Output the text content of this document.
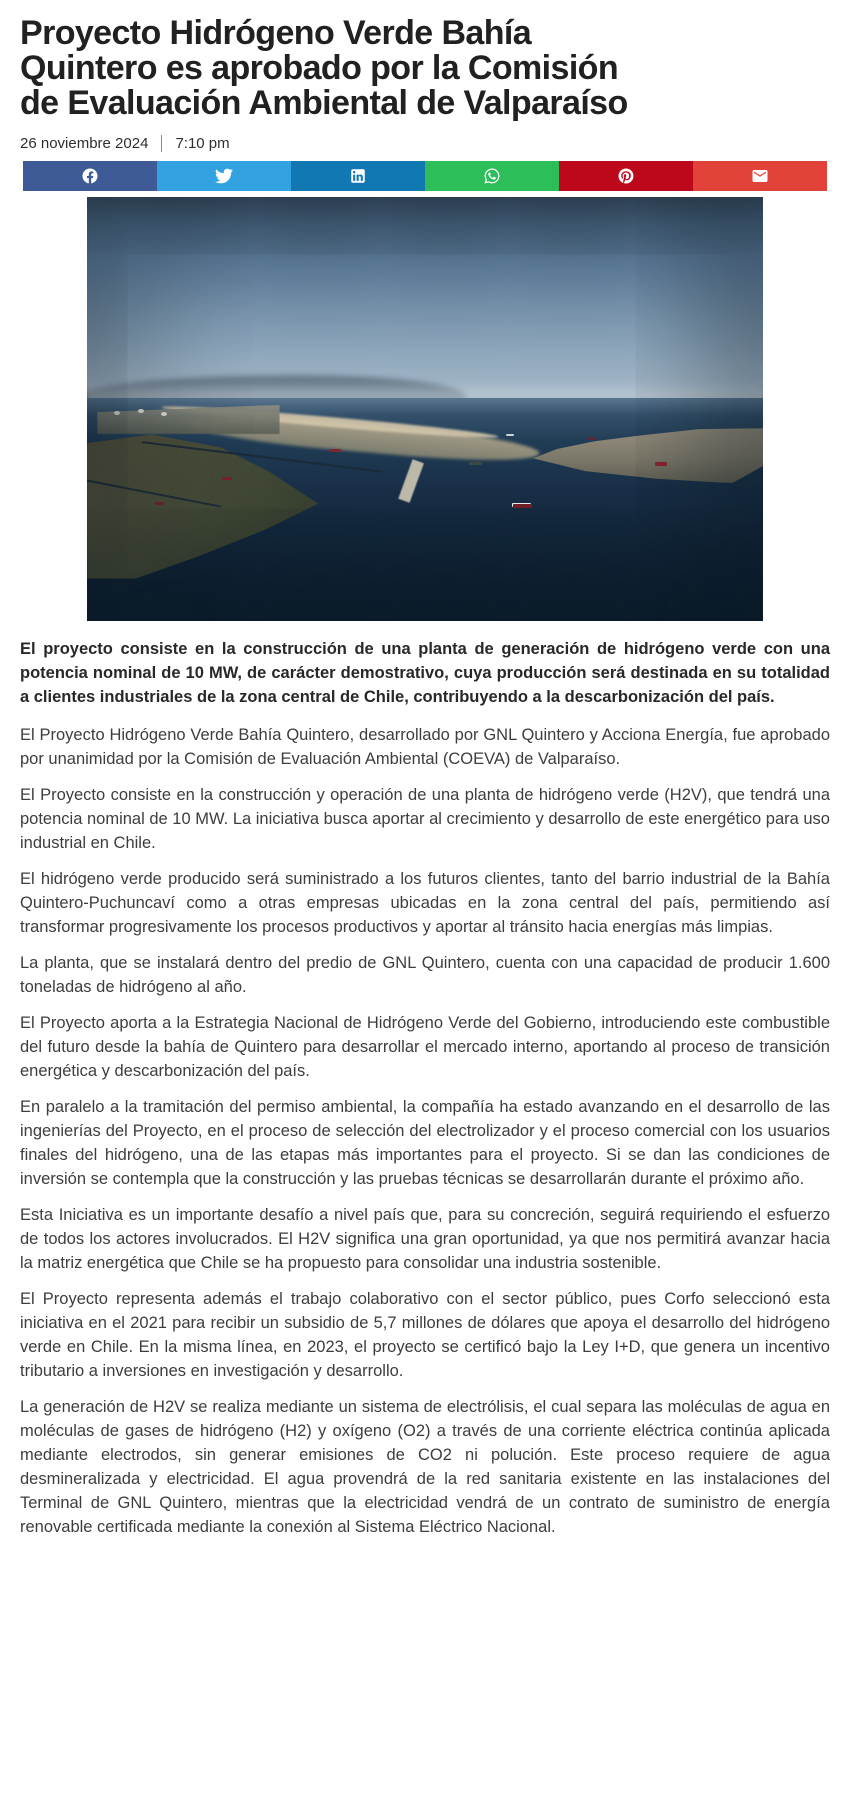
Proyecto Hidrógeno Verde Bahía
Quintero es aprobado por la Comisión
de Evaluación Ambiental de Valparaíso
26 noviembre 2024 7:10 pm

El proyecto consiste en la construcción de una planta de generación de hidrógeno verde con una potencia nominal de 10 MW, de carácter demostrativo, cuya producción será destinada en su totalidad a clientes industriales de la zona central de Chile, contribuyendo a la descarbonización del país.

El Proyecto Hidrógeno Verde Bahía Quintero, desarrollado por GNL Quintero y Acciona Energía, fue aprobado por unanimidad por la Comisión de Evaluación Ambiental (COEVA) de Valparaíso.

El Proyecto consiste en la construcción y operación de una planta de hidrógeno verde (H2V), que tendrá una potencia nominal de 10 MW. La iniciativa busca aportar al crecimiento y desarrollo de este energético para uso industrial en Chile.

El hidrógeno verde producido será suministrado a los futuros clientes, tanto del barrio industrial de la Bahía Quintero-Puchuncaví como a otras empresas ubicadas en la zona central del país, permitiendo así transformar progresivamente los procesos productivos y aportar al tránsito hacia energías más limpias.

La planta, que se instalará dentro del predio de GNL Quintero, cuenta con una capacidad de producir 1.600 toneladas de hidrógeno al año.

El Proyecto aporta a la Estrategia Nacional de Hidrógeno Verde del Gobierno, introduciendo este combustible del futuro desde la bahía de Quintero para desarrollar el mercado interno, aportando al proceso de transición energética y descarbonización del país.

En paralelo a la tramitación del permiso ambiental, la compañía ha estado avanzando en el desarrollo de las ingenierías del Proyecto, en el proceso de selección del electrolizador y el proceso comercial con los usuarios finales del hidrógeno, una de las etapas más importantes para el proyecto. Si se dan las condiciones de inversión se contempla que la construcción y las pruebas técnicas se desarrollarán durante el próximo año.

Esta Iniciativa es un importante desafío a nivel país que, para su concreción, seguirá requiriendo el esfuerzo de todos los actores involucrados. El H2V significa una gran oportunidad, ya que nos permitirá avanzar hacia la matriz energética que Chile se ha propuesto para consolidar una industria sostenible.

El Proyecto representa además el trabajo colaborativo con el sector público, pues Corfo seleccionó esta iniciativa en el 2021 para recibir un subsidio de 5,7 millones de dólares que apoya el desarrollo del hidrógeno verde en Chile. En la misma línea, en 2023, el proyecto se certificó bajo la Ley I+D, que genera un incentivo tributario a inversiones en investigación y desarrollo.

La generación de H2V se realiza mediante un sistema de electrólisis, el cual separa las moléculas de agua en moléculas de gases de hidrógeno (H2) y oxígeno (O2) a través de una corriente eléctrica continúa aplicada mediante electrodos, sin generar emisiones de CO2 ni polución. Este proceso requiere de agua desmineralizada y electricidad. El agua provendrá de la red sanitaria existente en las instalaciones del Terminal de GNL Quintero, mientras que la electricidad vendrá de un contrato de suministro de energía renovable certificada mediante la conexión al Sistema Eléctrico Nacional.
